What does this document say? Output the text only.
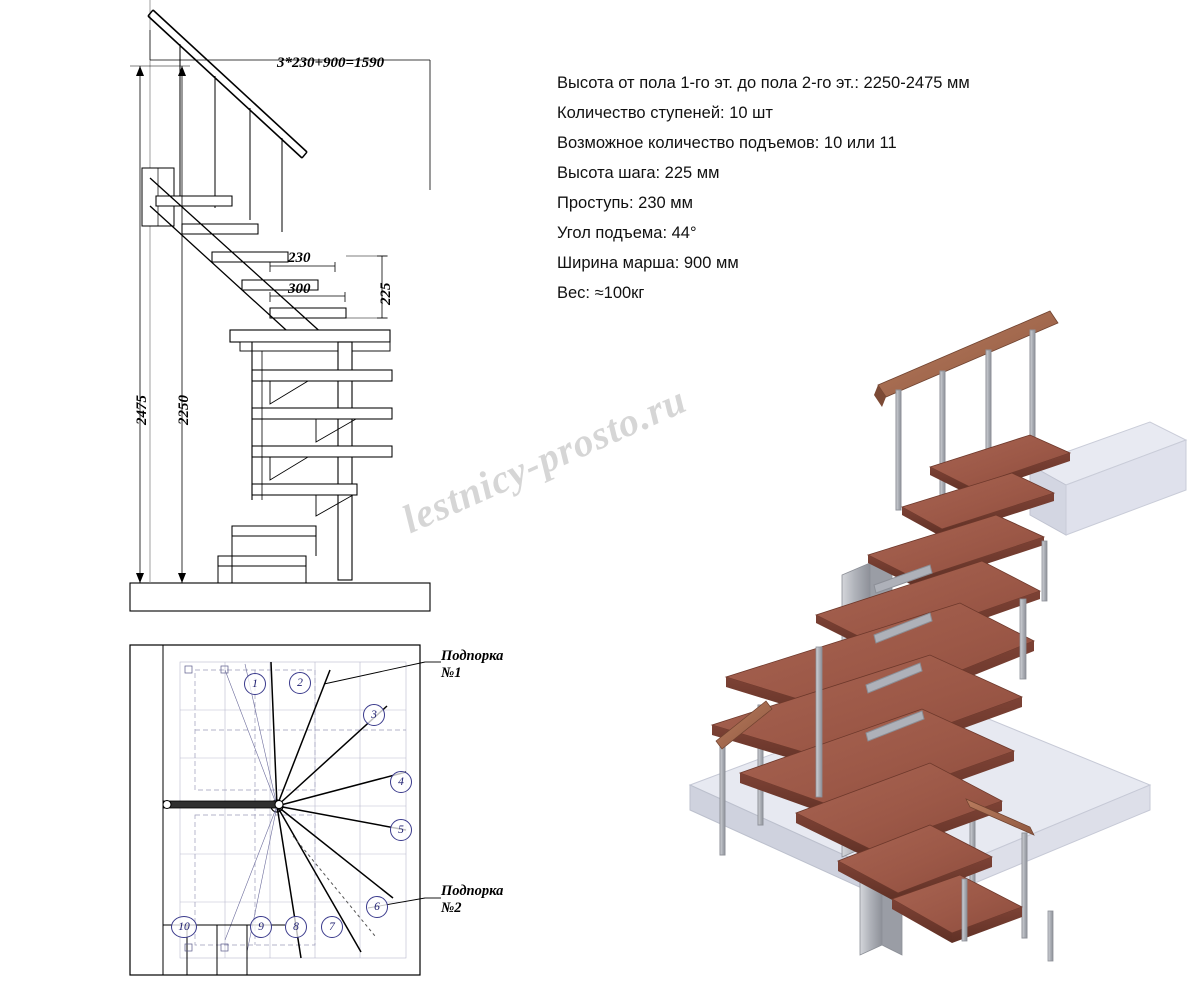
Высота от пола 1-го эт. до пола 2-го эт.: 2250-2475 мм
Количество ступеней: 10 шт
Возможное количество подъемов: 10 или 11
Высота шага: 225 мм
Проступь: 230 мм
Угол подъема: 44°
Ширина марша: 900 мм
Вес: ≈100кг
3*230+900=1590
230
300	225
2475 2250
Подпорка
№1
Подпорка
№2
1	2
3
4
5
6
7
8
9
10
lestnicy-prosto.ru
